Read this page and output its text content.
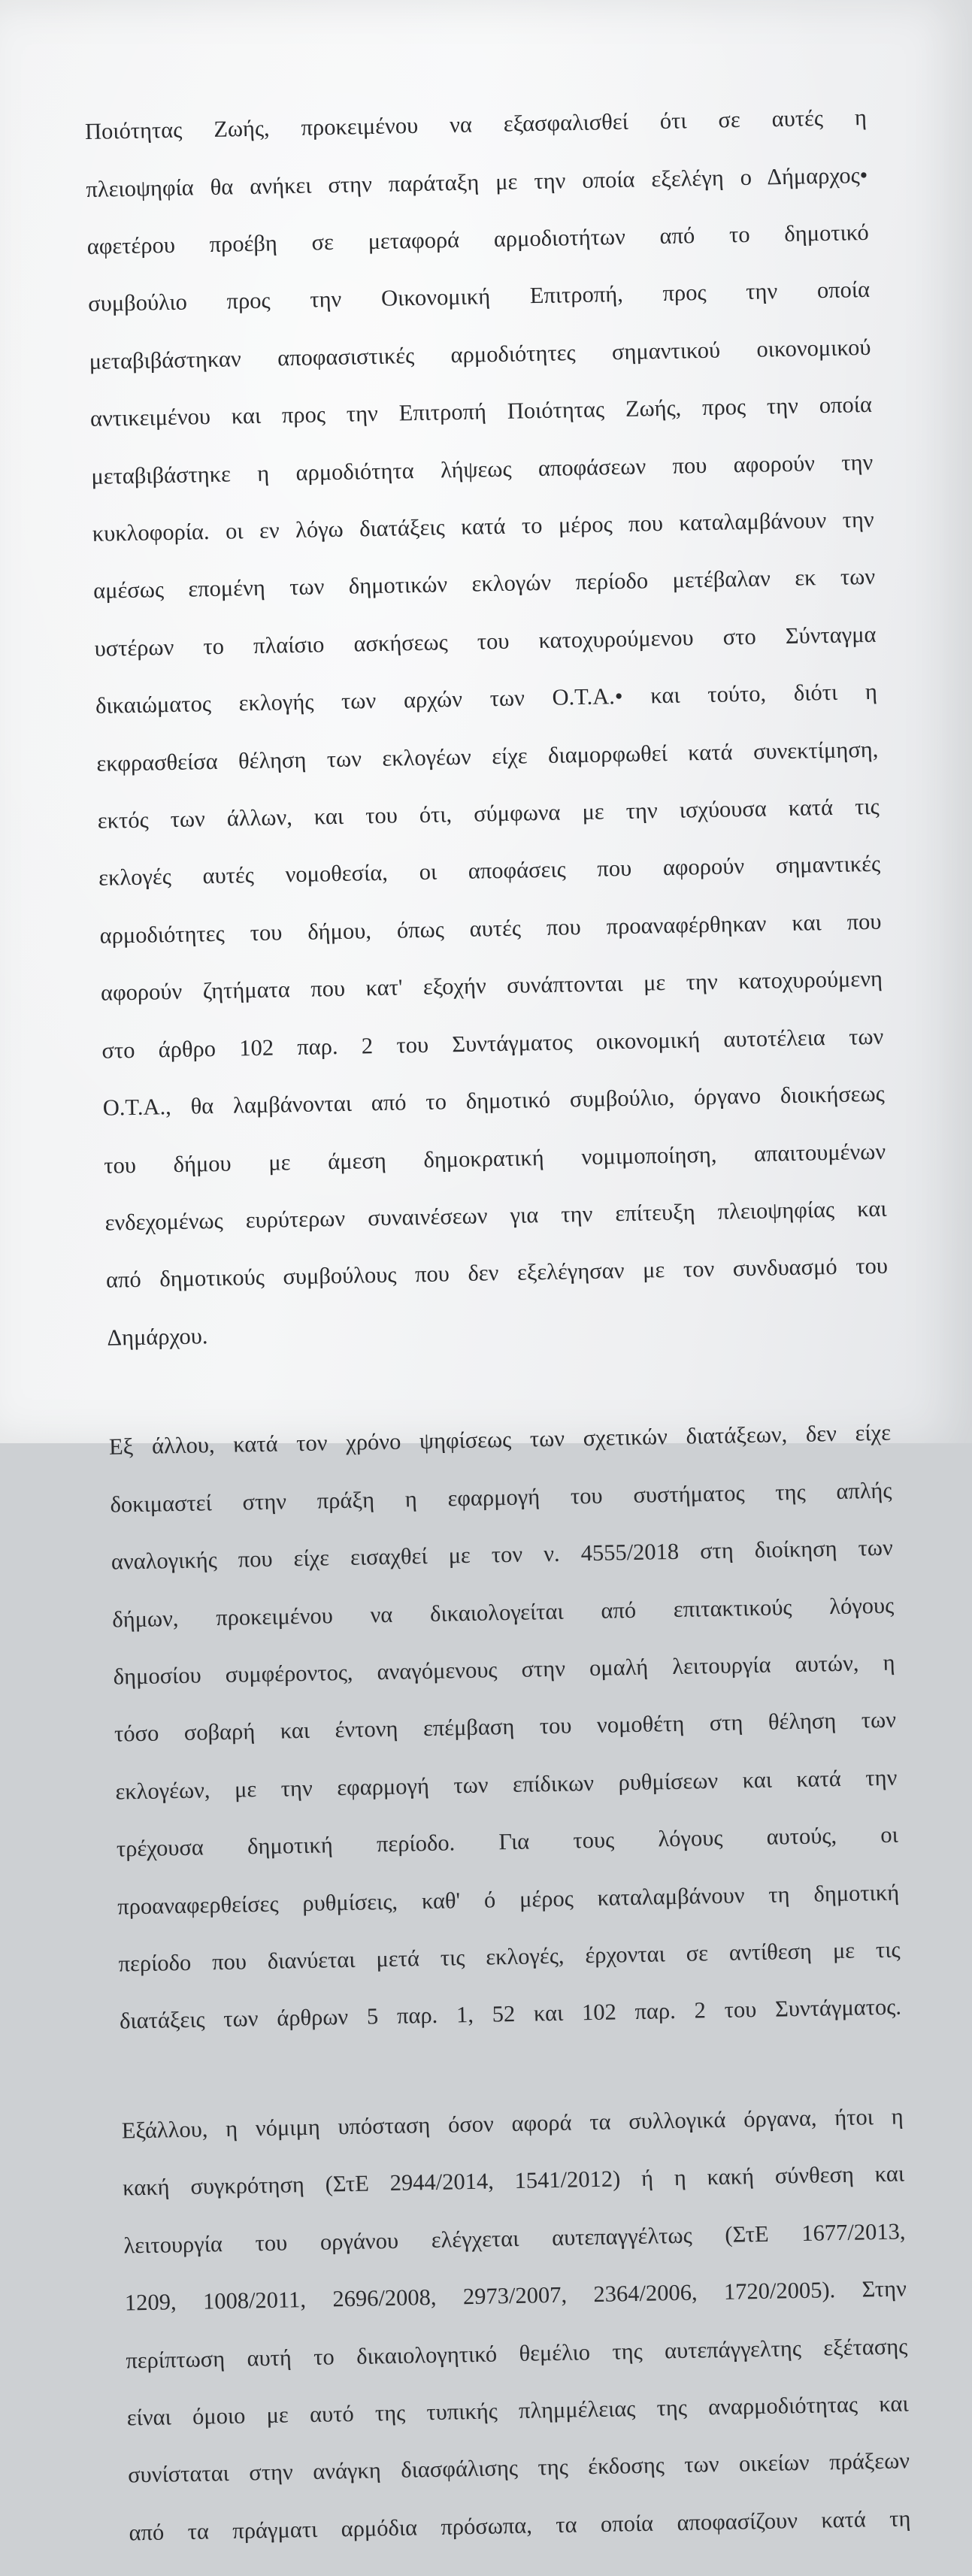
Ποιότητας Ζωής, προκειμένου να εξασφαλισθεί ότι σε αυτές η

πλειοψηφία θα ανήκει στην παράταξη με την οποία εξελέγη ο Δήμαρχος•

αφετέρου προέβη σε μεταφορά αρμοδιοτήτων από το δημοτικό

συμβούλιο προς την Οικονομική Επιτροπή, προς την οποία

μεταβιβάστηκαν αποφασιστικές αρμοδιότητες σημαντικού οικονομικού

αντικειμένου και προς την Επιτροπή Ποιότητας Ζωής, προς την οποία

μεταβιβάστηκε η αρμοδιότητα λήψεως αποφάσεων που αφορούν την

κυκλοφορία. οι εν λόγω διατάξεις κατά το μέρος που καταλαμβάνουν την

αμέσως επομένη των δημοτικών εκλογών περίοδο μετέβαλαν εκ των

υστέρων το πλαίσιο ασκήσεως του κατοχυρούμενου στο Σύνταγμα

δικαιώματος εκλογής των αρχών των Ο.Τ.Α.• και τούτο, διότι η

εκφρασθείσα θέληση των εκλογέων είχε διαμορφωθεί κατά συνεκτίμηση,

εκτός των άλλων, και του ότι, σύμφωνα με την ισχύουσα κατά τις

εκλογές αυτές νομοθεσία, οι αποφάσεις που αφορούν σημαντικές

αρμοδιότητες του δήμου, όπως αυτές που προαναφέρθηκαν και που

αφορούν ζητήματα που κατ' εξοχήν συνάπτονται με την κατοχυρούμενη

στο άρθρο 102 παρ. 2 του Συντάγματος οικονομική αυτοτέλεια των

Ο.Τ.Α., θα λαμβάνονται από το δημοτικό συμβούλιο, όργανο διοικήσεως

του δήμου με άμεση δημοκρατική νομιμοποίηση, απαιτουμένων

ενδεχομένως ευρύτερων συναινέσεων για την επίτευξη πλειοψηφίας και

από δημοτικούς συμβούλους που δεν εξελέγησαν με τον συνδυασμό του

Δημάρχου.

Εξ άλλου, κατά τον χρόνο ψηφίσεως των σχετικών διατάξεων, δεν είχε

δοκιμαστεί στην πράξη η εφαρμογή του συστήματος της απλής

αναλογικής που είχε εισαχθεί με τον ν. 4555/2018 στη διοίκηση των

δήμων, προκειμένου να δικαιολογείται από επιτακτικούς λόγους

δημοσίου συμφέροντος, αναγόμενους στην ομαλή λειτουργία αυτών, η

τόσο σοβαρή και έντονη επέμβαση του νομοθέτη στη θέληση των

εκλογέων, με την εφαρμογή των επίδικων ρυθμίσεων και κατά την

τρέχουσα δημοτική περίοδο. Για τους λόγους αυτούς, οι

προαναφερθείσες ρυθμίσεις, καθ' ό μέρος καταλαμβάνουν τη δημοτική

περίοδο που διανύεται μετά τις εκλογές, έρχονται σε αντίθεση με τις

διατάξεις των άρθρων 5 παρ. 1, 52 και 102 παρ. 2 του Συντάγματος.

Εξάλλου, η νόμιμη υπόσταση όσον αφορά τα συλλογικά όργανα, ήτοι η

κακή συγκρότηση (ΣτΕ 2944/2014, 1541/2012) ή η κακή σύνθεση και

λειτουργία του οργάνου ελέγχεται αυτεπαγγέλτως (ΣτΕ 1677/2013,

1209, 1008/2011, 2696/2008, 2973/2007, 2364/2006, 1720/2005). Στην

περίπτωση αυτή το δικαιολογητικό θεμέλιο της αυτεπάγγελτης εξέτασης

είναι όμοιο με αυτό της τυπικής πλημμέλειας της αναρμοδιότητας και

συνίσταται στην ανάγκη διασφάλισης της έκδοσης των οικείων πράξεων

από τα πράγματι αρμόδια πρόσωπα, τα οποία αποφασίζουν κατά τη
